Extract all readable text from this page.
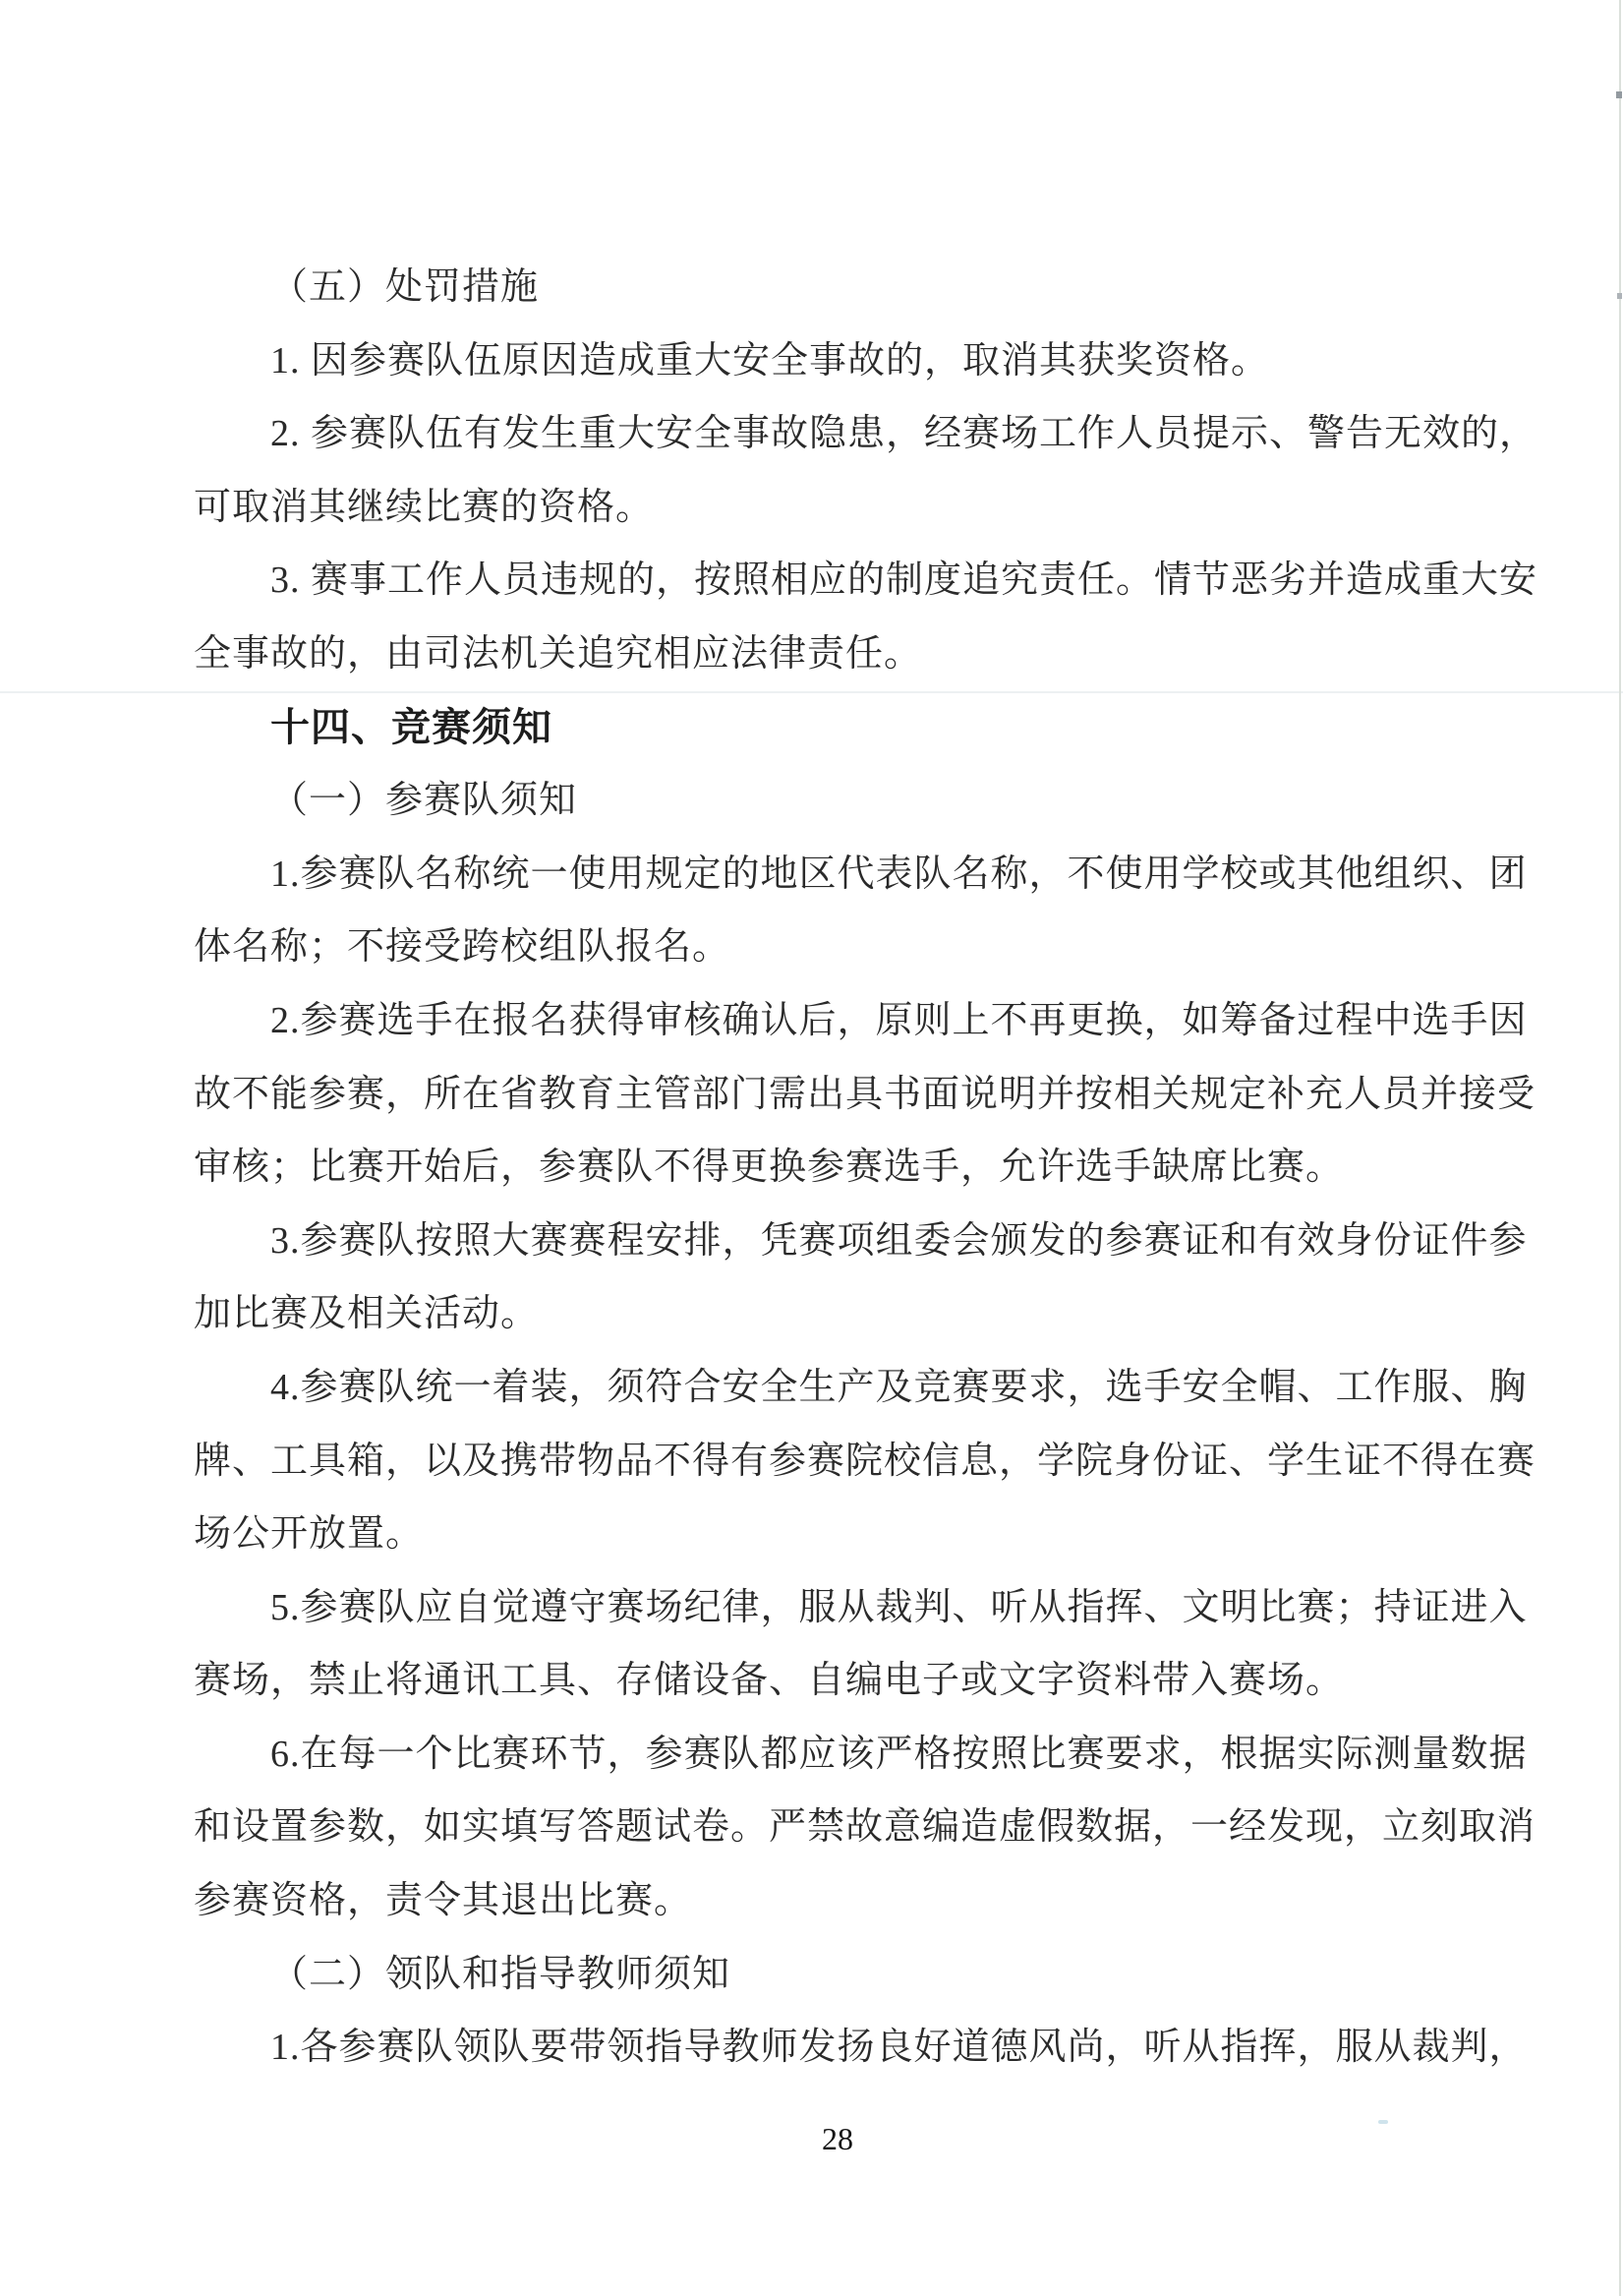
（五）处罚措施
1. 因参赛队伍原因造成重大安全事故的，取消其获奖资格。
2. 参赛队伍有发生重大安全事故隐患，经赛场工作人员提示、警告无效的，
可取消其继续比赛的资格。
3. 赛事工作人员违规的，按照相应的制度追究责任。情节恶劣并造成重大安
全事故的，由司法机关追究相应法律责任。
十四、竞赛须知
（一）参赛队须知
1.参赛队名称统一使用规定的地区代表队名称，不使用学校或其他组织、团
体名称；不接受跨校组队报名。
2.参赛选手在报名获得审核确认后，原则上不再更换，如筹备过程中选手因
故不能参赛，所在省教育主管部门需出具书面说明并按相关规定补充人员并接受
审核；比赛开始后，参赛队不得更换参赛选手，允许选手缺席比赛。
3.参赛队按照大赛赛程安排，凭赛项组委会颁发的参赛证和有效身份证件参
加比赛及相关活动。
4.参赛队统一着装，须符合安全生产及竞赛要求，选手安全帽、工作服、胸
牌、工具箱，以及携带物品不得有参赛院校信息，学院身份证、学生证不得在赛
场公开放置。
5.参赛队应自觉遵守赛场纪律，服从裁判、听从指挥、文明比赛；持证进入
赛场，禁止将通讯工具、存储设备、自编电子或文字资料带入赛场。
6.在每一个比赛环节，参赛队都应该严格按照比赛要求，根据实际测量数据
和设置参数，如实填写答题试卷。严禁故意编造虚假数据，一经发现，立刻取消
参赛资格，责令其退出比赛。
（二）领队和指导教师须知
1.各参赛队领队要带领指导教师发扬良好道德风尚，听从指挥，服从裁判，
28
